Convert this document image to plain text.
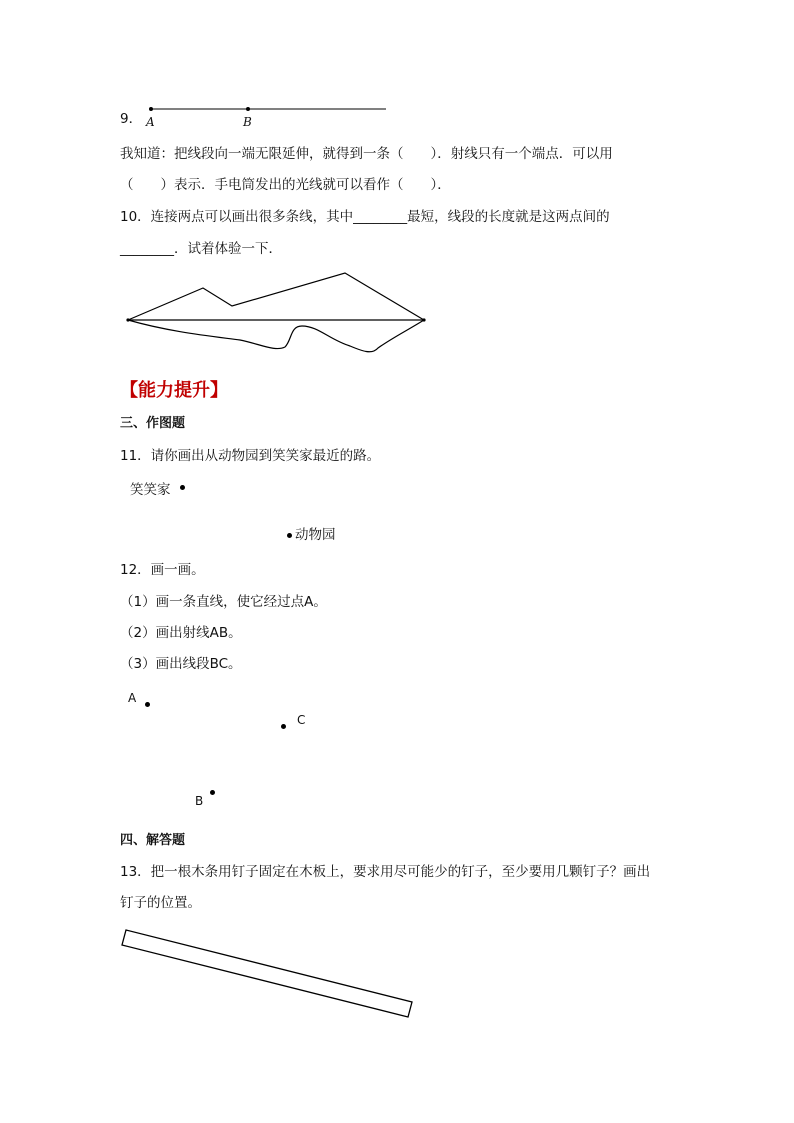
9． A	B
我知道：把线段向一端无限延伸，就得到一条（　　）．射线只有一个端点．可以用
（　　）表示．手电筒发出的光线就可以看作（　　）．
10．连接两点可以画出很多条线，其中________最短，线段的长度就是这两点间的
________．试着体验一下．
【能力提升】
三、作图题
11．请你画出从动物园到笑笑家最近的路。
笑笑家
动物园
12．画一画。
（1）画一条直线，使它经过点A。
（2）画出射线AB。
（3）画出线段BC。
A
C
B
四、解答题
13．把一根木条用钉子固定在木板上，要求用尽可能少的钉子，至少要用几颗钉子？画出
钉子的位置。
